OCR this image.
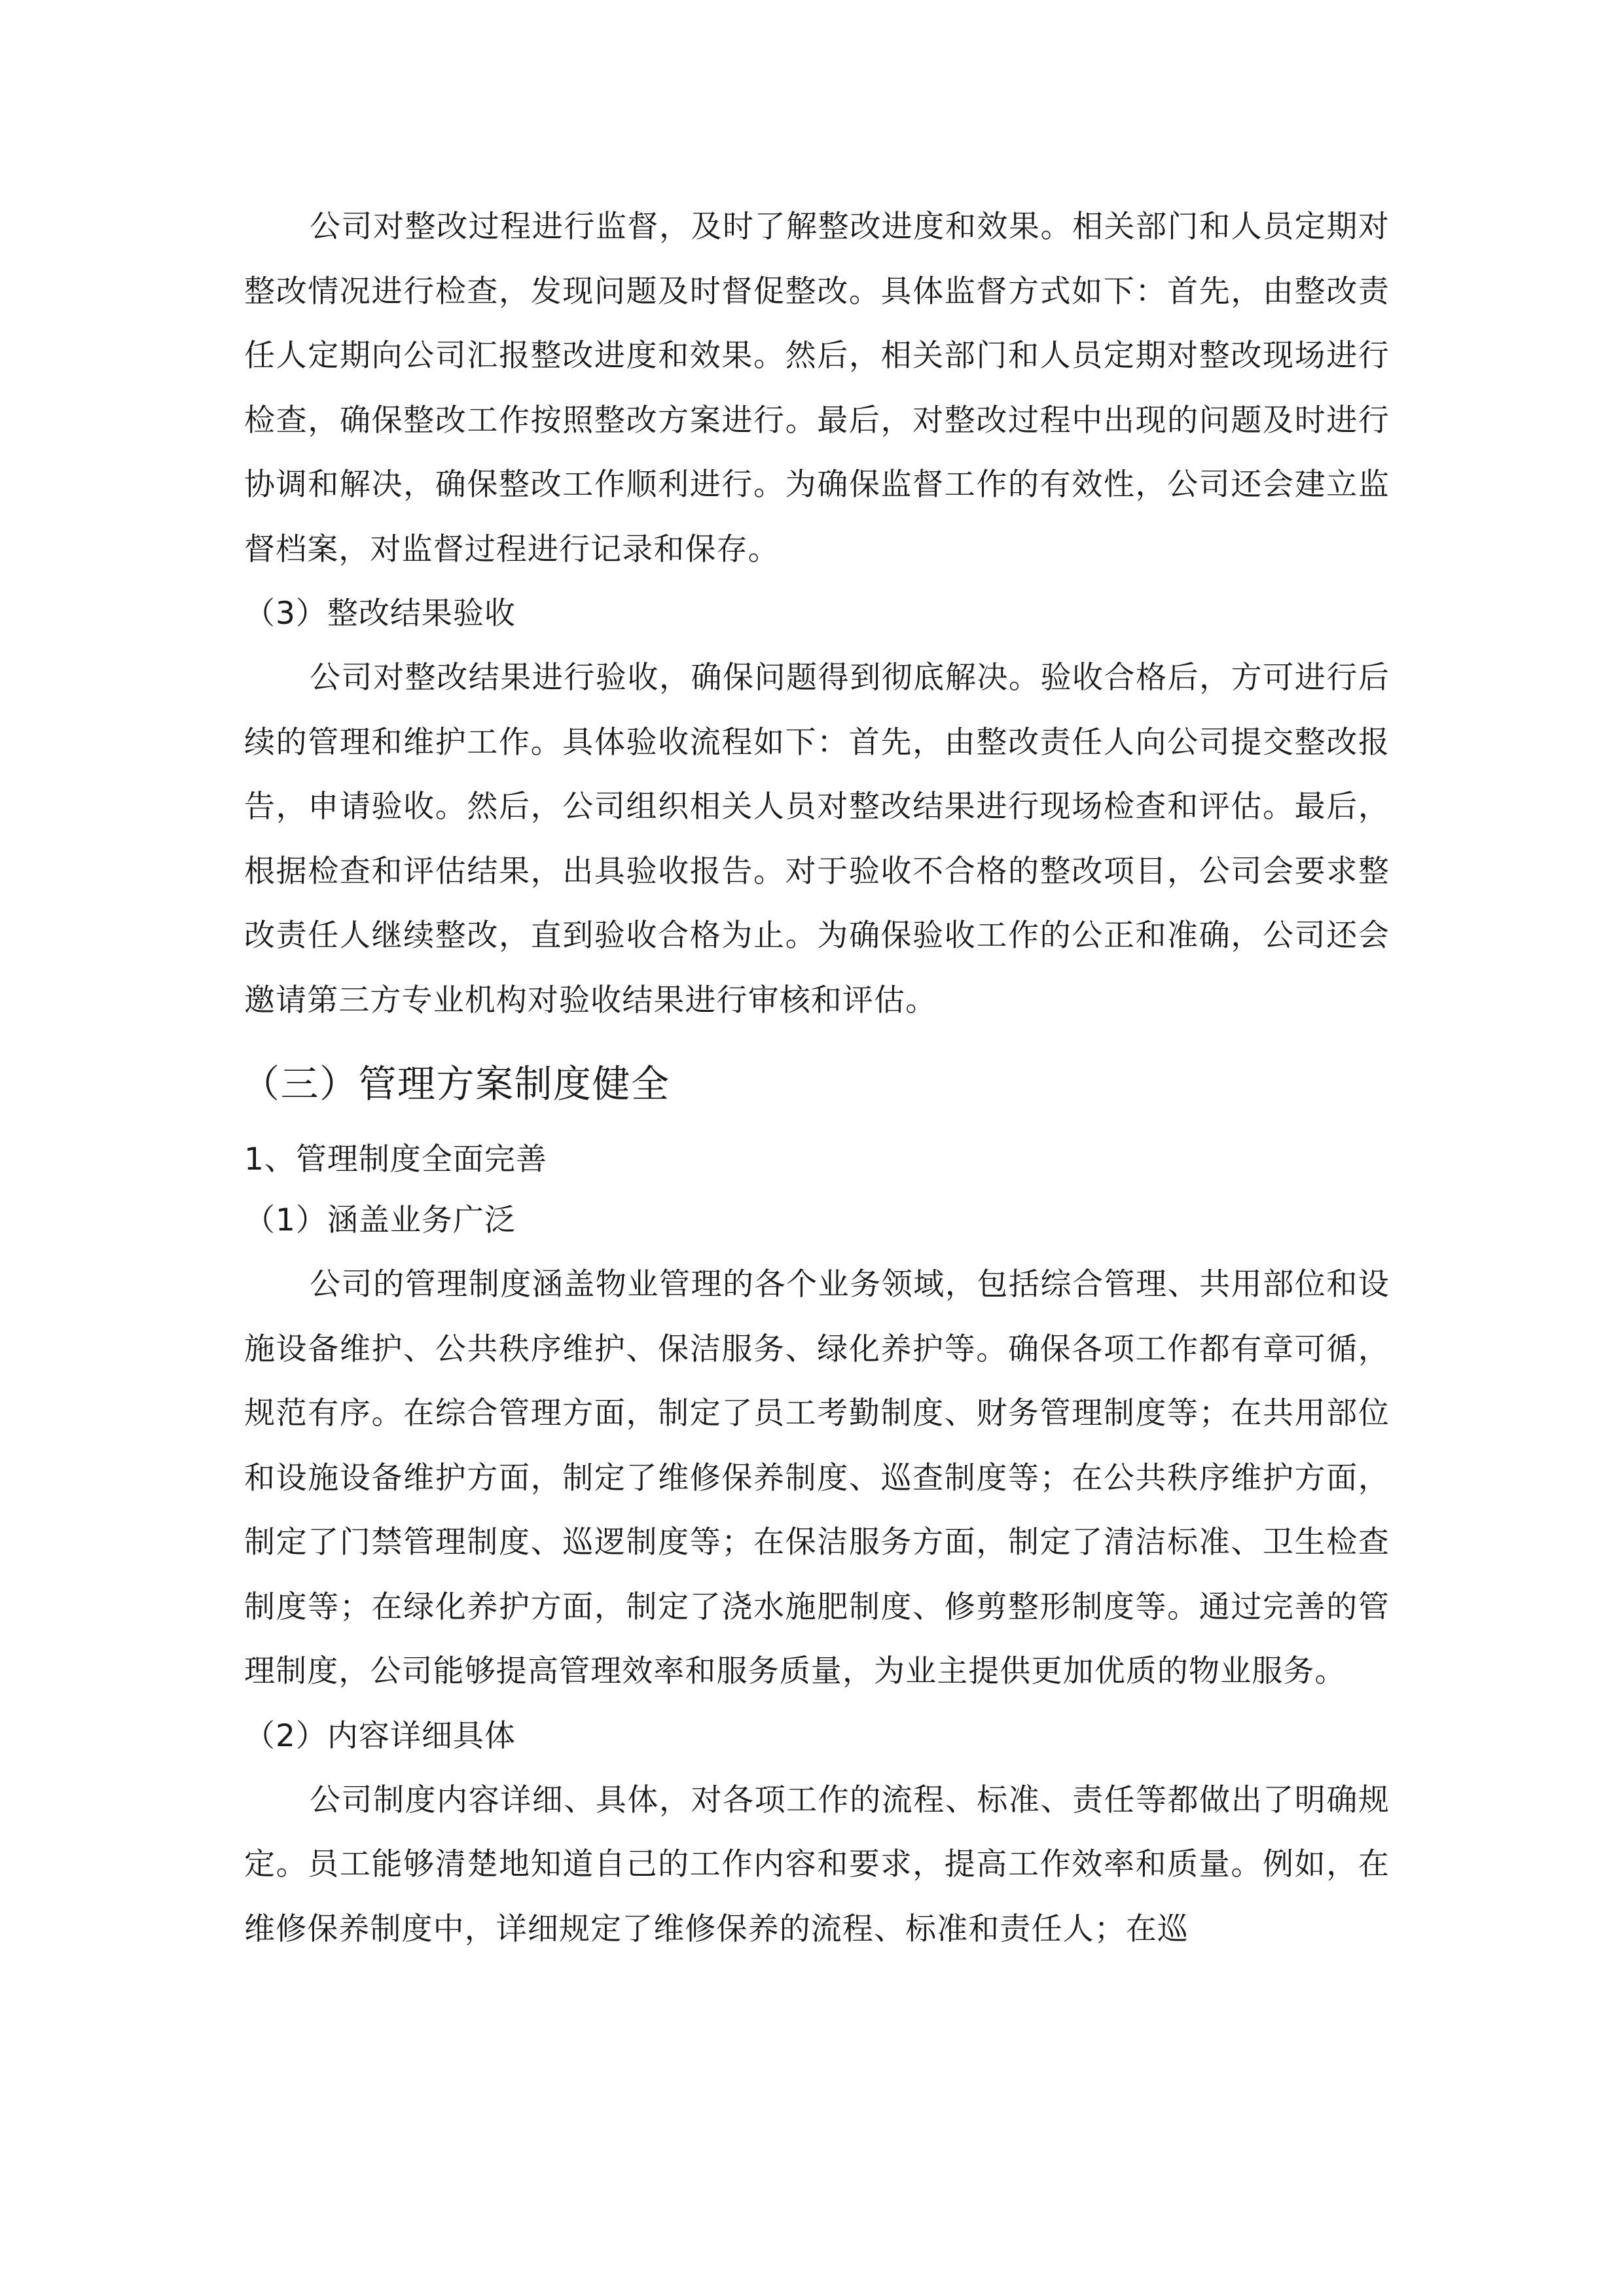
公司对整改过程进行监督，及时了解整改进度和效果。相关部门和人员定期对整改情况进行检查，发现问题及时督促整改。具体监督方式如下：首先，由整改责任人定期向公司汇报整改进度和效果。然后，相关部门和人员定期对整改现场进行检查，确保整改工作按照整改方案进行。最后，对整改过程中出现的问题及时进行协调和解决，确保整改工作顺利进行。为确保监督工作的有效性，公司还会建立监督档案，对监督过程进行记录和保存。

（3）整改结果验收

公司对整改结果进行验收，确保问题得到彻底解决。验收合格后，方可进行后续的管理和维护工作。具体验收流程如下：首先，由整改责任人向公司提交整改报告，申请验收。然后，公司组织相关人员对整改结果进行现场检查和评估。最后，根据检查和评估结果，出具验收报告。对于验收不合格的整改项目，公司会要求整改责任人继续整改，直到验收合格为止。为确保验收工作的公正和准确，公司还会邀请第三方专业机构对验收结果进行审核和评估。

（三）管理方案制度健全
1、管理制度全面完善

（1）涵盖业务广泛

公司的管理制度涵盖物业管理的各个业务领域，包括综合管理、共用部位和设施设备维护、公共秩序维护、保洁服务、绿化养护等。确保各项工作都有章可循，规范有序。在综合管理方面，制定了员工考勤制度、财务管理制度等；在共用部位和设施设备维护方面，制定了维修保养制度、巡查制度等；在公共秩序维护方面，制定了门禁管理制度、巡逻制度等；在保洁服务方面，制定了清洁标准、卫生检查制度等；在绿化养护方面，制定了浇水施肥制度、修剪整形制度等。通过完善的管理制度，公司能够提高管理效率和服务质量，为业主提供更加优质的物业服务。

（2）内容详细具体

公司制度内容详细、具体，对各项工作的流程、标准、责任等都做出了明确规定。员工能够清楚地知道自己的工作内容和要求，提高工作效率和质量。例如，在维修保养制度中，详细规定了维修保养的流程、标准和责任人；在巡
